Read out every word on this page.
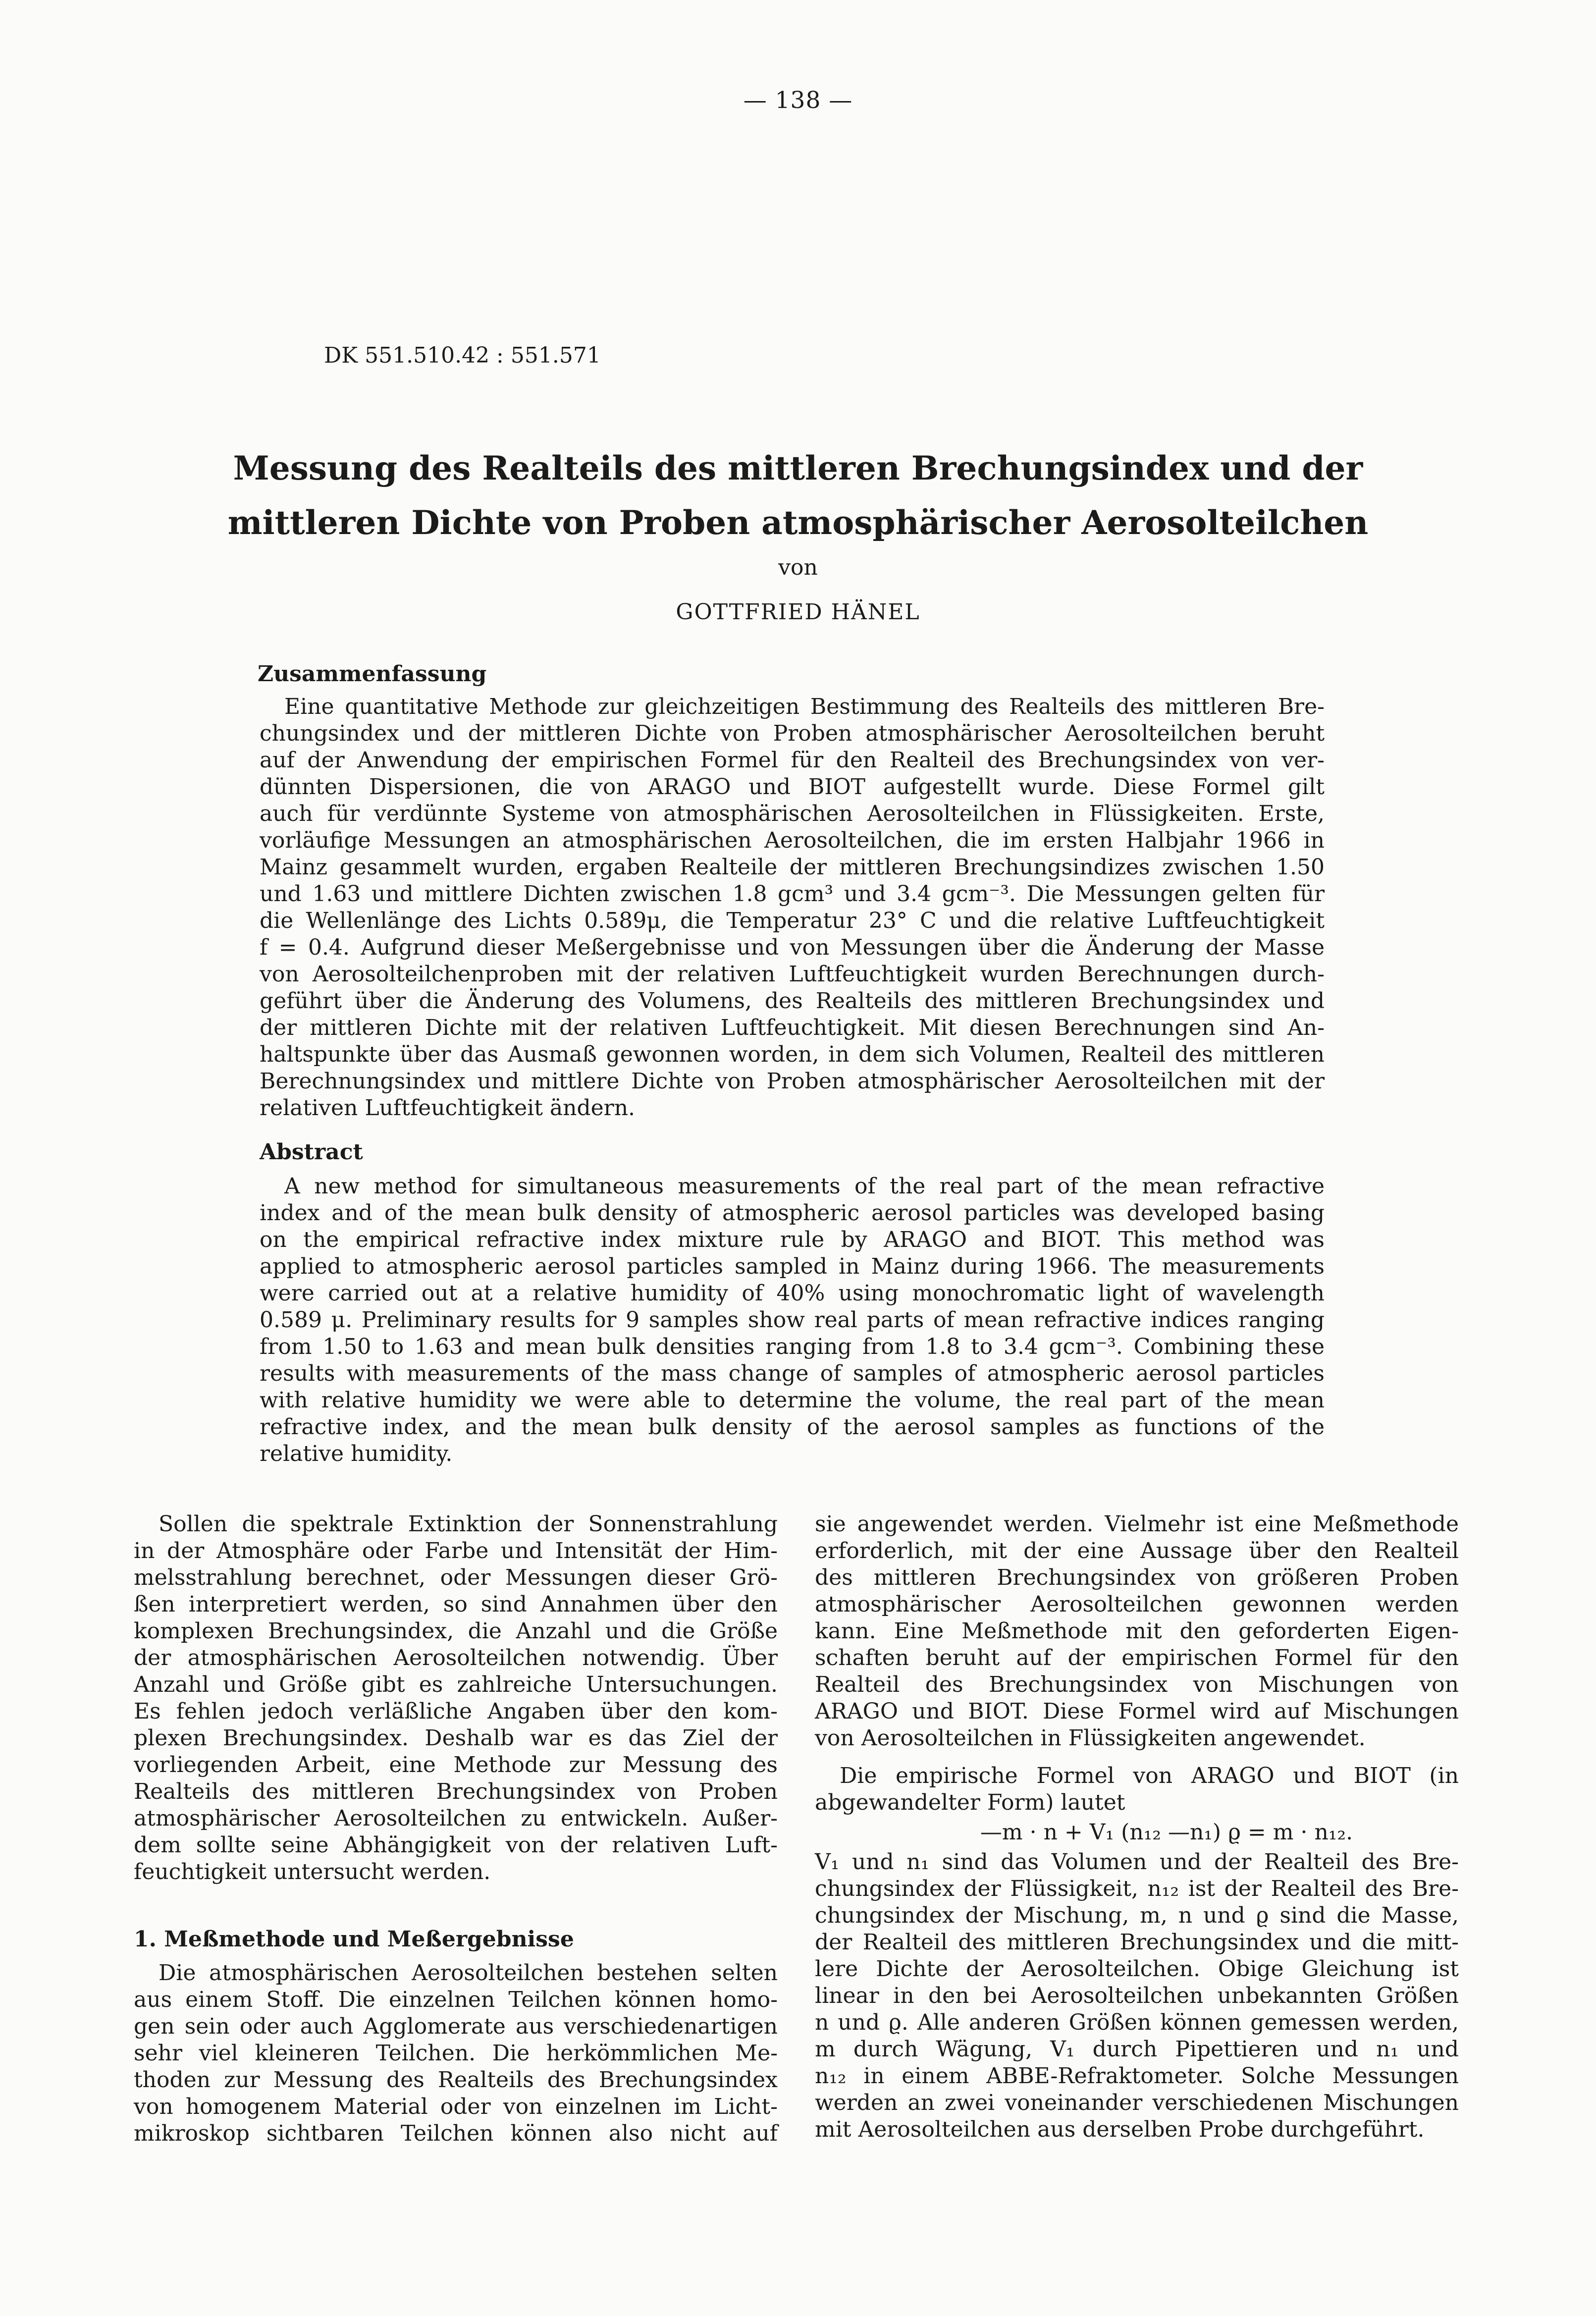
— 138 —
DK 551.510.42 : 551.571
Messung des Realteils des mittleren Brechungsindex und der
mittleren Dichte von Proben atmosphärischer Aerosolteilchen
von
GOTTFRIED HÄNEL
Zusammenfassung
Eine quantitative Methode zur gleichzeitigen Bestimmung des Realteils des mittleren Bre-
chungsindex und der mittleren Dichte von Proben atmosphärischer Aerosolteilchen beruht
auf der Anwendung der empirischen Formel für den Realteil des Brechungsindex von ver-
dünnten Dispersionen, die von ARAGO und BIOT aufgestellt wurde. Diese Formel gilt
auch für verdünnte Systeme von atmosphärischen Aerosolteilchen in Flüssigkeiten. Erste,
vorläufige Messungen an atmosphärischen Aerosolteilchen, die im ersten Halbjahr 1966 in
Mainz gesammelt wurden, ergaben Realteile der mittleren Brechungsindizes zwischen 1.50
und 1.63 und mittlere Dichten zwischen 1.8 gcm³ und 3.4 gcm⁻³. Die Messungen gelten für
die Wellenlänge des Lichts 0.589μ, die Temperatur 23° C und die relative Luftfeuchtigkeit
f = 0.4. Aufgrund dieser Meßergebnisse und von Messungen über die Änderung der Masse
von Aerosolteilchenproben mit der relativen Luftfeuchtigkeit wurden Berechnungen durch-
geführt über die Änderung des Volumens, des Realteils des mittleren Brechungsindex und
der mittleren Dichte mit der relativen Luftfeuchtigkeit. Mit diesen Berechnungen sind An-
haltspunkte über das Ausmaß gewonnen worden, in dem sich Volumen, Realteil des mittleren
Berechnungsindex und mittlere Dichte von Proben atmosphärischer Aerosolteilchen mit der
relativen Luftfeuchtigkeit ändern.
Abstract
A new method for simultaneous measurements of the real part of the mean refractive
index and of the mean bulk density of atmospheric aerosol particles was developed basing
on the empirical refractive index mixture rule by ARAGO and BIOT. This method was
applied to atmospheric aerosol particles sampled in Mainz during 1966. The measurements
were carried out at a relative humidity of 40% using monochromatic light of wavelength
0.589 μ. Preliminary results for 9 samples show real parts of mean refractive indices ranging
from 1.50 to 1.63 and mean bulk densities ranging from 1.8 to 3.4 gcm⁻³. Combining these
results with measurements of the mass change of samples of atmospheric aerosol particles
with relative humidity we were able to determine the volume, the real part of the mean
refractive index, and the mean bulk density of the aerosol samples as functions of the
relative humidity.
Sollen die spektrale Extinktion der Sonnenstrahlung
in der Atmosphäre oder Farbe und Intensität der Him-
melsstrahlung berechnet, oder Messungen dieser Grö-
ßen interpretiert werden, so sind Annahmen über den
komplexen Brechungsindex, die Anzahl und die Größe
der atmosphärischen Aerosolteilchen notwendig. Über
Anzahl und Größe gibt es zahlreiche Untersuchungen.
Es fehlen jedoch verläßliche Angaben über den kom-
plexen Brechungsindex. Deshalb war es das Ziel der
vorliegenden Arbeit, eine Methode zur Messung des
Realteils des mittleren Brechungsindex von Proben
atmosphärischer Aerosolteilchen zu entwickeln. Außer-
dem sollte seine Abhängigkeit von der relativen Luft-
feuchtigkeit untersucht werden.
1. Meßmethode und Meßergebnisse
Die atmosphärischen Aerosolteilchen bestehen selten
aus einem Stoff. Die einzelnen Teilchen können homo-
gen sein oder auch Agglomerate aus verschiedenartigen
sehr viel kleineren Teilchen. Die herkömmlichen Me-
thoden zur Messung des Realteils des Brechungsindex
von homogenem Material oder von einzelnen im Licht-
mikroskop sichtbaren Teilchen können also nicht auf
sie angewendet werden. Vielmehr ist eine Meßmethode
erforderlich, mit der eine Aussage über den Realteil
des mittleren Brechungsindex von größeren Proben
atmosphärischer Aerosolteilchen gewonnen werden
kann. Eine Meßmethode mit den geforderten Eigen-
schaften beruht auf der empirischen Formel für den
Realteil des Brechungsindex von Mischungen von
ARAGO und BIOT. Diese Formel wird auf Mischungen
von Aerosolteilchen in Flüssigkeiten angewendet.
Die empirische Formel von ARAGO und BIOT (in
abgewandelter Form) lautet
—m · n + V₁ (n₁₂ —n₁) ϱ = m · n₁₂.
V₁ und n₁ sind das Volumen und der Realteil des Bre-
chungsindex der Flüssigkeit, n₁₂ ist der Realteil des Bre-
chungsindex der Mischung, m, n und ϱ sind die Masse,
der Realteil des mittleren Brechungsindex und die mitt-
lere Dichte der Aerosolteilchen. Obige Gleichung ist
linear in den bei Aerosolteilchen unbekannten Größen
n und ϱ. Alle anderen Größen können gemessen werden,
m durch Wägung, V₁ durch Pipettieren und n₁ und
n₁₂ in einem ABBE-Refraktometer. Solche Messungen
werden an zwei voneinander verschiedenen Mischungen
mit Aerosolteilchen aus derselben Probe durchgeführt.
